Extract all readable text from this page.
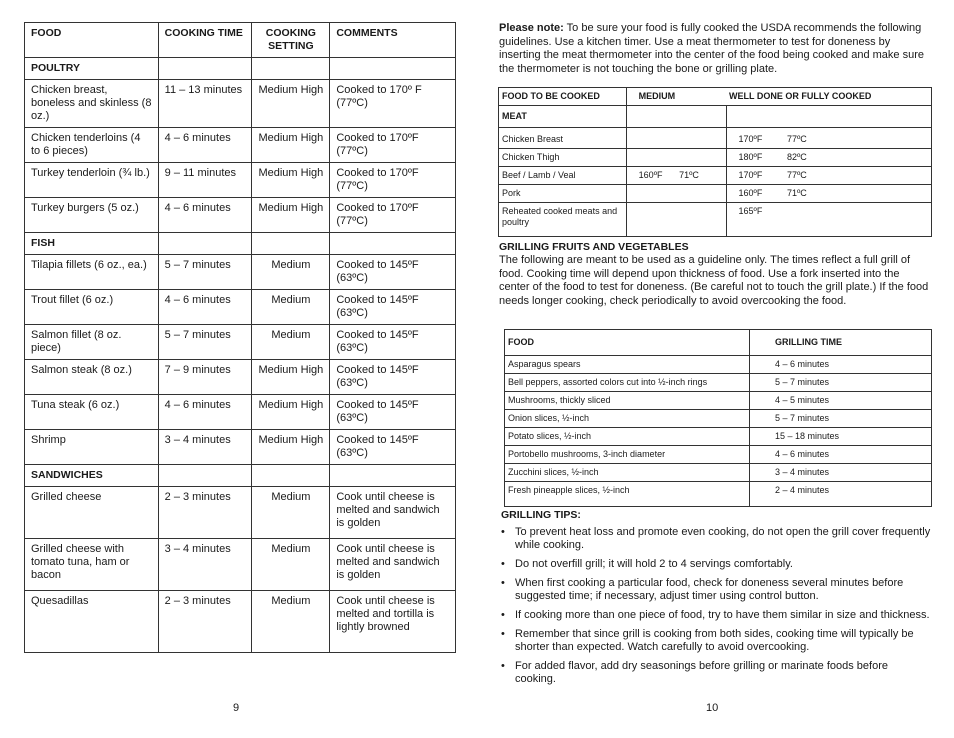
FOOD	COOKING TIME	COOKING SETTING	COMMENTS
POULTRY			
Chicken breast, boneless and skinless (8 oz.)	11 – 13 minutes	Medium High	Cooked to 170º F (77ºC)
Chicken tenderloins (4 to 6 pieces)	4 – 6 minutes	Medium High	Cooked to 170ºF (77ºC)
Turkey tenderloin (¾ lb.)	9 – 11 minutes	Medium High	Cooked to 170ºF (77ºC)
Turkey burgers (5 oz.)	4 – 6 minutes	Medium High	Cooked to 170ºF (77ºC)
FISH			
Tilapia fillets (6 oz., ea.)	5 – 7 minutes	Medium	Cooked to 145ºF (63ºC)
Trout fillet (6 oz.)	4 – 6 minutes	Medium	Cooked to 145ºF (63ºC)
Salmon fillet (8 oz. piece)	5 – 7 minutes	Medium	Cooked to 145ºF (63ºC)
Salmon steak (8 oz.)	7 – 9 minutes	Medium High	Cooked to 145ºF (63ºC)
Tuna steak (6 oz.)	4 – 6 minutes	Medium High	Cooked to 145ºF (63ºC)
Shrimp	3 – 4 minutes	Medium High	Cooked to 145ºF (63ºC)
SANDWICHES			
Grilled cheese	2 – 3 minutes	Medium	Cook until cheese is melted and sandwich is golden
Grilled cheese with tomato tuna, ham or bacon	3 – 4 minutes	Medium	Cook until cheese is melted and sandwich is golden
Quesadillas	2 – 3 minutes	Medium	Cook until cheese is melted and tortilla is lightly browned
9
Please note: To be sure your food is fully cooked the USDA recommends the following guidelines. Use a kitchen timer. Use a meat thermometer to test for doneness by inserting the meat thermometer into the center of the food being cooked and make sure the thermometer is not touching the bone or grilling plate.
FOOD TO BE COOKED	MEDIUM		WELL DONE OR FULLY COOKED	
MEAT				
Chicken Breast			170ºF	77ºC
Chicken Thigh			180ºF	82ºC
Beef / Lamb / Veal	160ºF	71ºC	170ºF	77ºC
Pork			160ºF	71ºC
Reheated cooked meats and poultry			165ºF	
GRILLING FRUITS AND VEGETABLES
The following are meant to be used as a guideline only. The times reflect a full grill of food. Cooking time will depend upon thickness of food. Use a fork inserted into the center of the food to test for doneness. (Be careful not to touch the grill plate.) If the food needs longer cooking, check periodically to avoid overcooking the food.
FOOD	GRILLING TIME
Asparagus spears	4 – 6 minutes
Bell peppers, assorted colors cut into ½-inch rings	5 – 7 minutes
Mushrooms, thickly sliced	4 – 5 minutes
Onion slices, ½-inch	5 – 7 minutes
Potato slices, ½-inch	15 – 18 minutes
Portobello mushrooms, 3-inch diameter	4 – 6 minutes
Zucchini slices, ½-inch	3 – 4 minutes
Fresh pineapple slices, ½-inch	2 – 4 minutes
GRILLING TIPS:
• To prevent heat loss and promote even cooking, do not open the grill cover frequently while cooking.
• Do not overfill grill; it will hold 2 to 4 servings comfortably.
• When first cooking a particular food, check for doneness several minutes before suggested time; if necessary, adjust timer using control button.
• If cooking more than one piece of food, try to have them similar in size and thickness.
• Remember that since grill is cooking from both sides, cooking time will typically be shorter than expected. Watch carefully to avoid overcooking.
• For added flavor, add dry seasonings before grilling or marinate foods before cooking.
10
